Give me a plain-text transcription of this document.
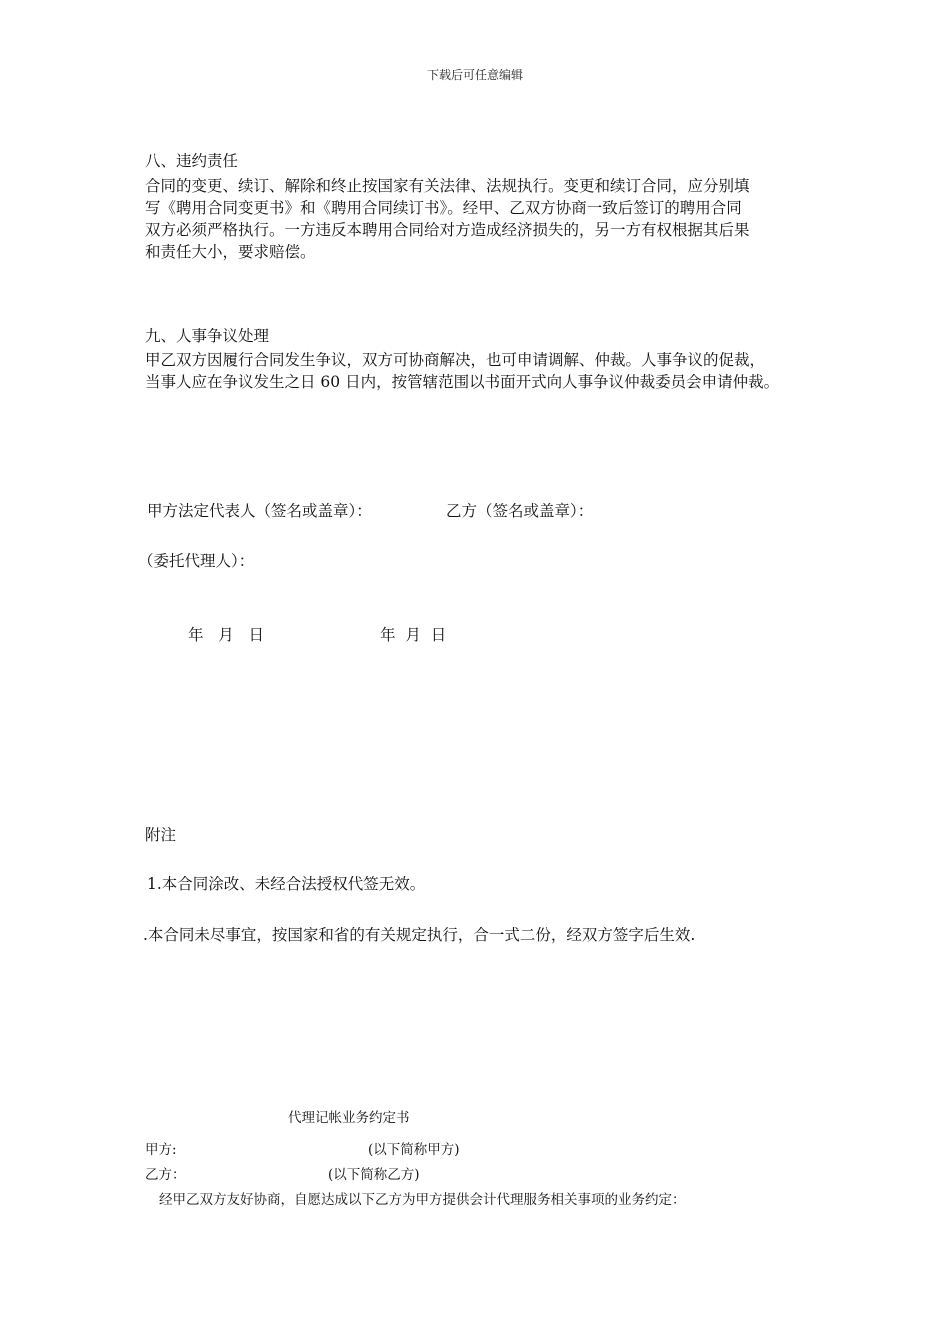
下载后可任意编辑
八、违约责任

合同的变更、续订、解除和终止按国家有关法律、法规执行。变更和续订合同，应分别填

写《聘用合同变更书》和《聘用合同续订书》。经甲、乙双方协商一致后签订的聘用合同

双方必须严格执行。一方违反本聘用合同给对方造成经济损失的，另一方有权根据其后果

和责任大小，要求赔偿。

九、人事争议处理

甲乙双方因履行合同发生争议，双方可协商解决，也可申请调解、仲裁。人事争议的促裁，

当事人应在争议发生之日 60 日内，按管辖范围以书面开式向人事争议仲裁委员会申请仲裁。

甲方法定代表人（签名或盖章）：	乙方（签名或盖章）：
（委托代理人）：
年   月   日	年  月  日
附注
1.本合同涂改、未经合法授权代签无效。
.本合同未尽事宜，按国家和省的有关规定执行，合一式二份，经双方签字后生效.
代理记帐业务约定书
甲方:	(以下简称甲方)
乙方：	(以下简称乙方)
经甲乙双方友好协商，自愿达成以下乙方为甲方提供会计代理服务相关事项的业务约定：
